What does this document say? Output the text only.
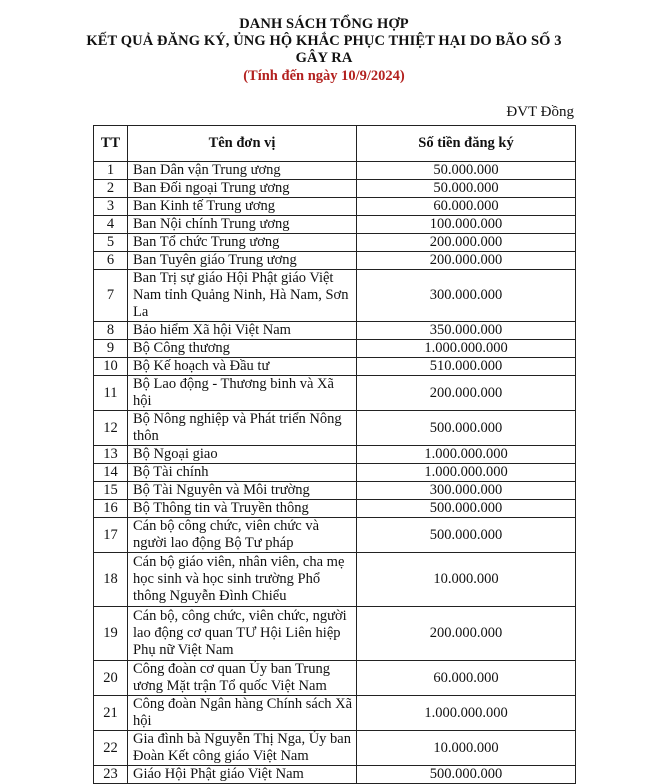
DANH SÁCH TỔNG HỢP
KẾT QUẢ ĐĂNG KÝ, ỦNG HỘ KHẮC PHỤC THIỆT HẠI DO BÃO SỐ 3
GÂY RA
(Tính đến ngày 10/9/2024)
ĐVT Đồng
TT	Tên đơn vị	Số tiền đăng ký
1	Ban Dân vận Trung ương	50.000.000
2	Ban Đối ngoại Trung ương	50.000.000
3	Ban Kinh tế Trung ương	60.000.000
4	Ban Nội chính Trung ương	100.000.000
5	Ban Tổ chức Trung ương	200.000.000
6	Ban Tuyên giáo Trung ương	200.000.000
7	Ban Trị sự giáo Hội Phật giáo Việt Nam tỉnh Quảng Ninh, Hà Nam, Sơn La	300.000.000
8	Bảo hiểm Xã hội Việt Nam	350.000.000
9	Bộ Công thương	1.000.000.000
10	Bộ Kế hoạch và Đầu tư	510.000.000
11	Bộ Lao động - Thương binh và Xã hội	200.000.000
12	Bộ Nông nghiệp và Phát triển Nông thôn	500.000.000
13	Bộ Ngoại giao	1.000.000.000
14	Bộ Tài chính	1.000.000.000
15	Bộ Tài Nguyên và Môi trường	300.000.000
16	Bộ Thông tin và Truyền thông	500.000.000
17	Cán bộ công chức, viên chức và người lao động Bộ Tư pháp	500.000.000
18	Cán bộ giáo viên, nhân viên, cha mẹ học sinh và học sinh trường Phổ thông Nguyễn Đình Chiểu	10.000.000
19	Cán bộ, công chức, viên chức, người lao động cơ quan TƯ Hội Liên hiệp Phụ nữ Việt Nam	200.000.000
20	Công đoàn cơ quan Ủy ban Trung ương Mặt trận Tổ quốc Việt Nam	60.000.000
21	Công đoàn Ngân hàng Chính sách Xã hội	1.000.000.000
22	Gia đình bà Nguyễn Thị Nga, Ủy ban Đoàn Kết công giáo Việt Nam	10.000.000
23	Giáo Hội Phật giáo Việt Nam	500.000.000
